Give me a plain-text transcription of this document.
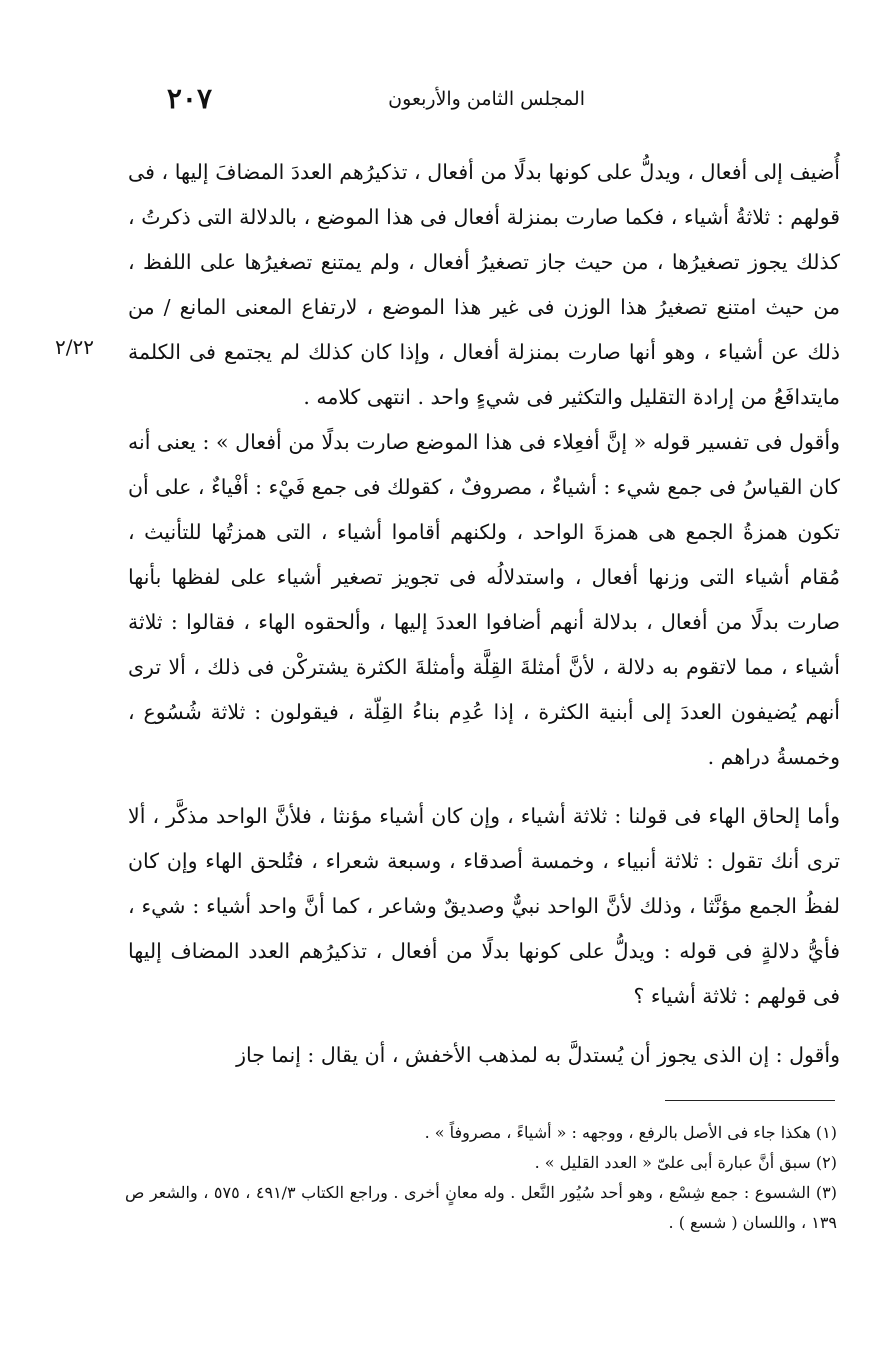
٢٠٧	المجلس الثامن والأربعون
٢/٢٢

أُضيف إلى أفعال ، ويدلُّ على كونها بدلًا من أفعال ، تذكيرُهم العددَ المضافَ إليها ، فى قولهم : ثلاثةُ أشياء ، فكما صارت بمنزلة أفعال فى هذا الموضع ، بالدلالة التى ذكرتُ ، كذلك يجوز تصغيرُها ، من حيث جاز تصغيرُ أفعال ، ولم يمتنع تصغيرُها على اللفظ ، من حيث امتنع تصغيرُ هذا الوزن فى غير هذا الموضع ، لارتفاع المعنى المانع / من ذلك عن أشياء ، وهو أنها صارت بمنزلة أفعال ، وإذا كان كذلك لم يجتمع فى الكلمة مايتدافَعُ من إرادة التقليل والتكثير فى شيءٍ واحد . انتهى كلامه .

وأقول فى تفسير قوله « إنَّ أفعِلاء فى هذا الموضع صارت بدلًا من أفعال » : يعنى أنه كان القياسُ فى جمع شيء : أشياءٌ ، مصروفٌ ، كقولك فى جمع فَيْء : أفْياءٌ ، على أن تكون همزةُ الجمع هى همزةَ الواحد ، ولكنهم أقاموا أشياء ، التى همزتُها للتأنيث ، مُقام أشياء التى وزنها أفعال ، واستدلالُه فى تجويز تصغير أشياء على لفظها بأنها صارت بدلًا من أفعال ، بدلالة أنهم أضافوا العددَ إليها ، وألحقوه الهاء ، فقالوا : ثلاثة أشياء ، مما لاتقوم به دلالة ، لأنَّ أمثلةَ القِلَّة وأمثلةَ الكثرة يشتركْن فى ذلك ، ألا ترى أنهم يُضيفون العددَ إلى أبنية الكثرة ، إذا عُدِم بناءُ القِلّة ، فيقولون : ثلاثة شُسُوع ، وخمسةُ دراهم .

وأما إلحاق الهاء فى قولنا : ثلاثة أشياء ، وإن كان أشياء مؤنثا ، فلأنَّ الواحد مذكَّر ، ألا ترى أنك تقول : ثلاثة أنبياء ، وخمسة أصدقاء ، وسبعة شعراء ، فتُلحق الهاء وإن كان لفظُ الجمع مؤنَّثا ، وذلك لأنَّ الواحد نبيٌّ وصديقٌ وشاعر ، كما أنَّ واحد أشياء : شيء ، فأيُّ دلالةٍ فى قوله : ويدلُّ على كونها بدلًا من أفعال ، تذكيرُهم العدد المضاف إليها فى قولهم : ثلاثة أشياء ؟

وأقول : إن الذى يجوز أن يُستدلَّ به لمذهب الأخفش ، أن يقال : إنما جاز

(١) هكذا جاء فى الأصل بالرفع ، ووجهه : « أشياءً ، مصروفاً » .

(٢) سبق أنَّ عبارة أبى علىّ « العدد القليل » .

(٣) الشسوع : جمع شِسْع ، وهو أحد سُيُور النَّعل . وله معانٍ أخرى . وراجع الكتاب ٤٩١/٣ ، ٥٧٥ ، والشعر ص ١٣٩ ، واللسان ( شسع ) .
